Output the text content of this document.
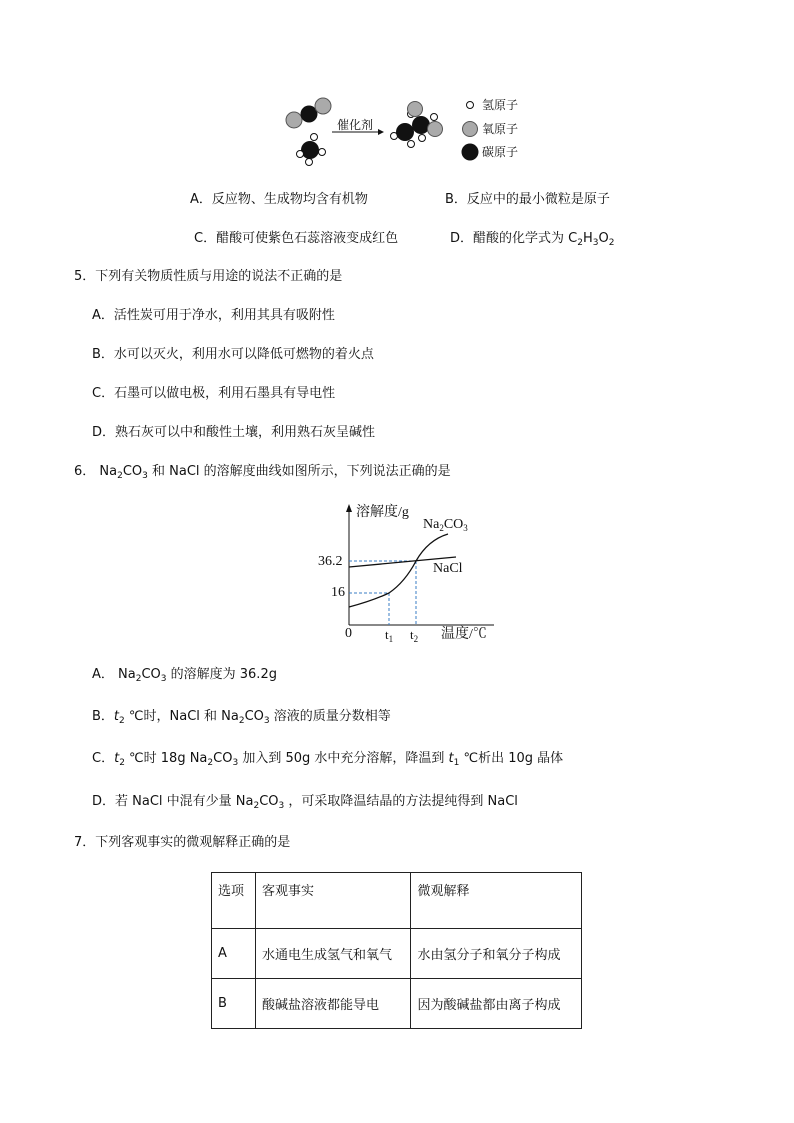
催化剂
氢原子
氧原子
碳原子
A．反应物、生成物均含有机物	B．反应中的最小微粒是原子
C．醋酸可使紫色石蕊溶液变成红色	D．醋酸的化学式为 $C_2H_3O_2$
5．下列有关物质性质与用途的说法不正确的是
A．活性炭可用于净水，利用其具有吸附性
B．水可以灭火，利用水可以降低可燃物的着火点
C．石墨可以做电极，利用石墨具有导电性
D．熟石灰可以中和酸性土壤，利用熟石灰呈碱性
6． $Na_2CO_3$ 和 NaCl 的溶解度曲线如图所示，下列说法正确的是
溶解度/g
$Na_2CO_3$
36.2	NaCl
16
0	$t_1$ $t_2$ 温度/℃
A． $Na_2CO_3$ 的溶解度为 36.2g
B．$t_2$ ℃时，NaCl 和 $Na_2CO_3$ 溶液的质量分数相等
C．$t_2$ ℃时 18g $Na_2CO_3$ 加入到 50g 水中充分溶解，降温到 $t_1$ ℃析出 10g 晶体
D．若 NaCl 中混有少量 $Na_2CO_3$ ，可采取降温结晶的方法提纯得到 NaCl
7．下列客观事实的微观解释正确的是
选项	客观事实	微观解释
A	水通电生成氢气和氧气	水由氢分子和氧分子构成
B	酸碱盐溶液都能导电	因为酸碱盐都由离子构成
